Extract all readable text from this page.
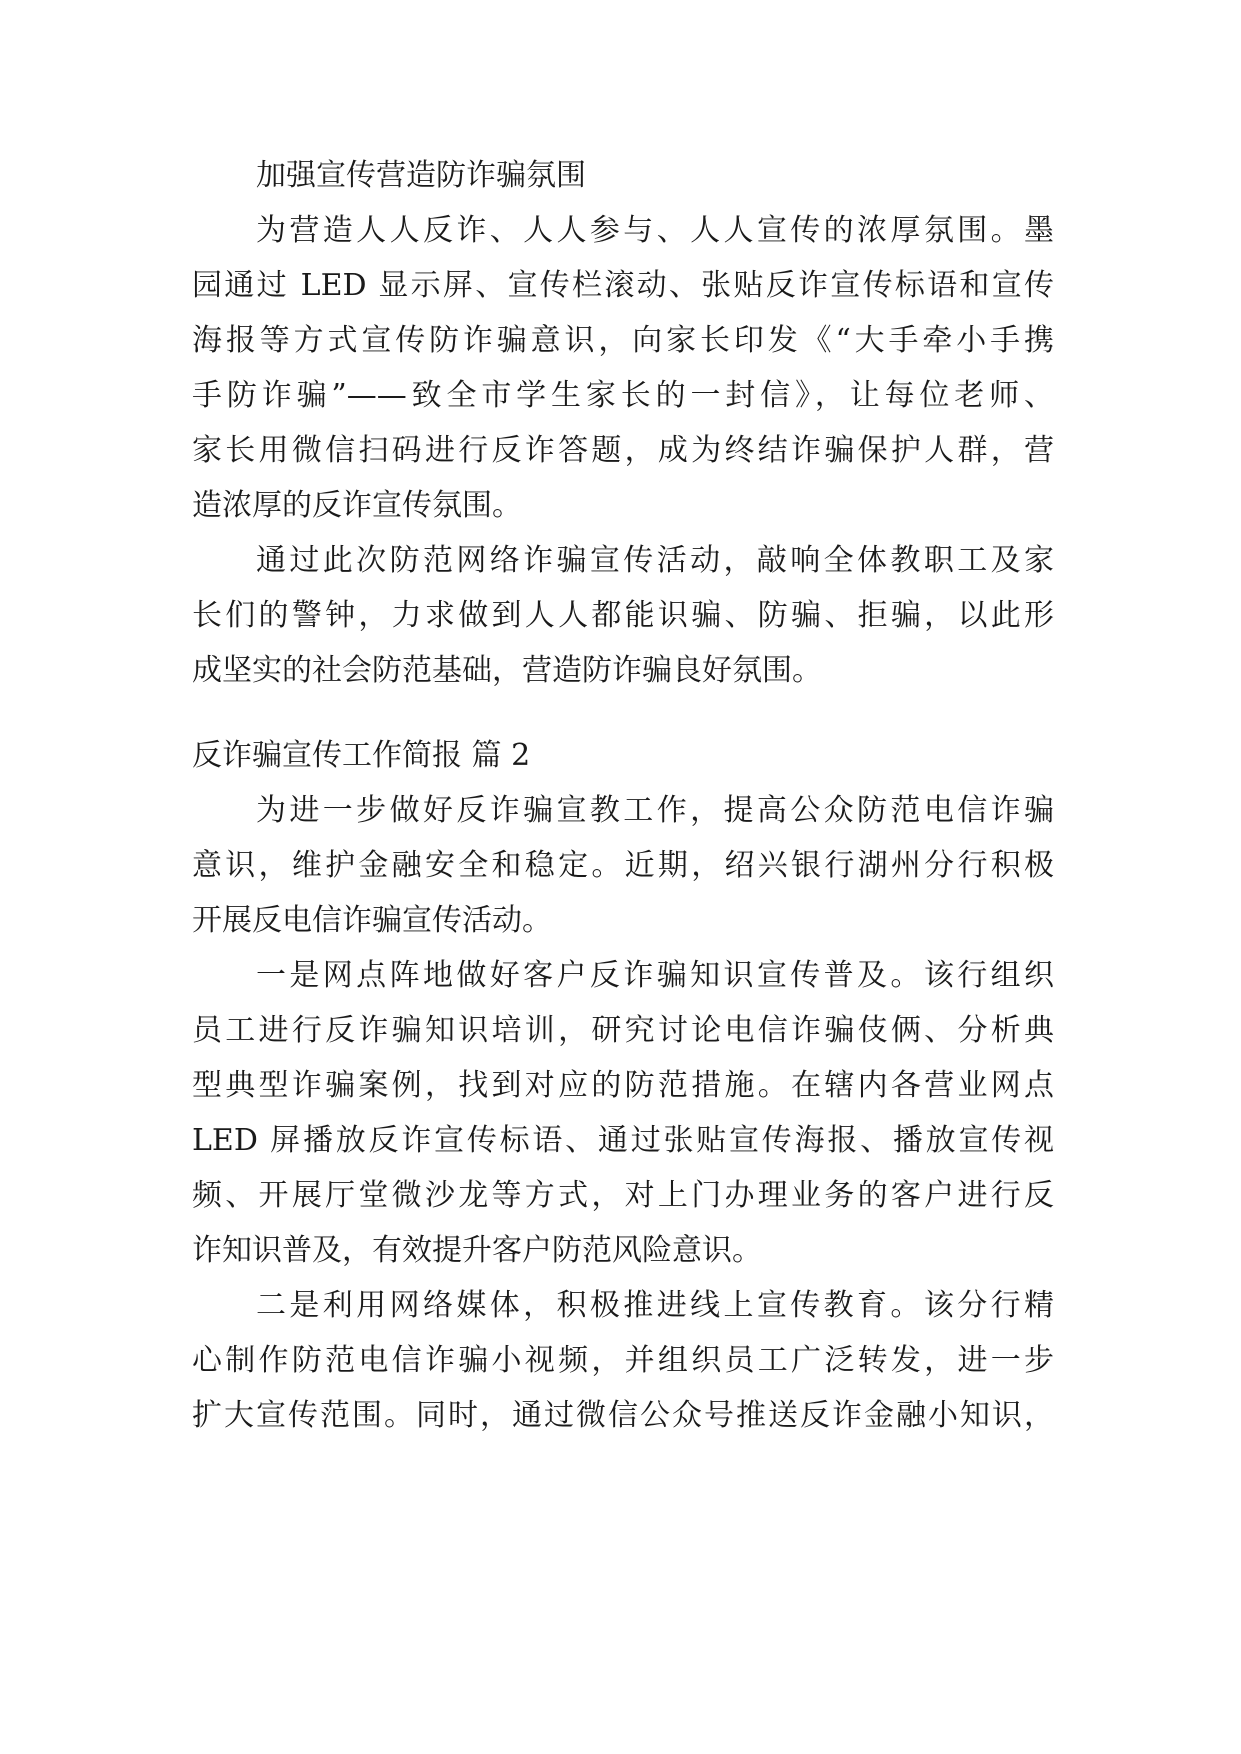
加强宣传营造防诈骗氛围
为营造人人反诈、人人参与、人人宣传的浓厚氛围。墨
园通过 LED 显示屏、宣传栏滚动、张贴反诈宣传标语和宣传
海报等方式宣传防诈骗意识，向家长印发《“大手牵小手携
手防诈骗”——致全市学生家长的一封信》，让每位老师、
家长用微信扫码进行反诈答题，成为终结诈骗保护人群，营
造浓厚的反诈宣传氛围。
通过此次防范网络诈骗宣传活动，敲响全体教职工及家
长们的警钟，力求做到人人都能识骗、防骗、拒骗，以此形
成坚实的社会防范基础，营造防诈骗良好氛围。
反诈骗宣传工作简报 篇 2
为进一步做好反诈骗宣教工作，提高公众防范电信诈骗
意识，维护金融安全和稳定。近期，绍兴银行湖州分行积极
开展反电信诈骗宣传活动。
一是网点阵地做好客户反诈骗知识宣传普及。该行组织
员工进行反诈骗知识培训，研究讨论电信诈骗伎俩、分析典
型典型诈骗案例，找到对应的防范措施。在辖内各营业网点
LED 屏播放反诈宣传标语、通过张贴宣传海报、播放宣传视
频、开展厅堂微沙龙等方式，对上门办理业务的客户进行反
诈知识普及，有效提升客户防范风险意识。
二是利用网络媒体，积极推进线上宣传教育。该分行精
心制作防范电信诈骗小视频，并组织员工广泛转发，进一步
扩大宣传范围。同时，通过微信公众号推送反诈金融小知识，
